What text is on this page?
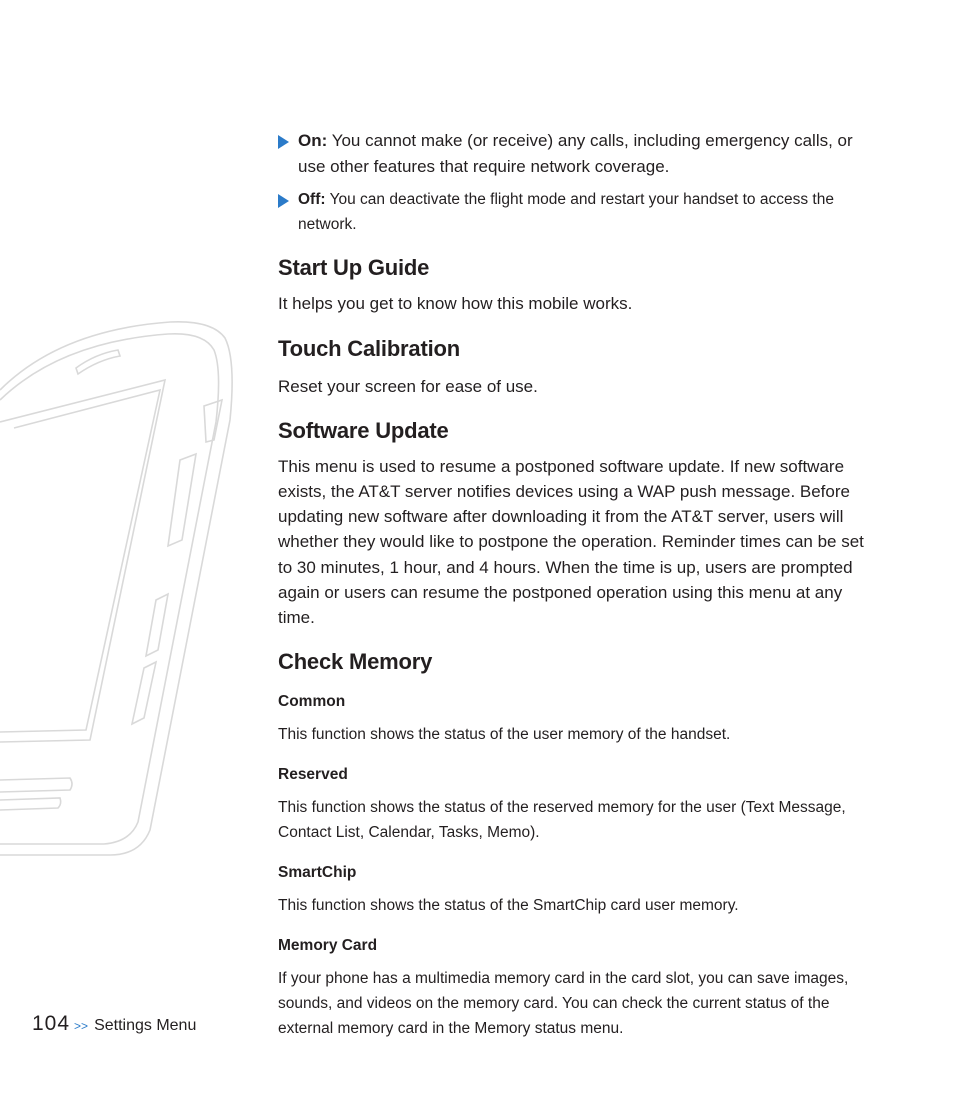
On: You cannot make (or receive) any calls, including emergency calls, or use other features that require network coverage.
Off: You can deactivate the flight mode and restart your handset to access the network.
Start Up Guide

It helps you get to know how this mobile works.

Touch Calibration

Reset your screen for ease of use.

Software Update

This menu is used to resume a postponed software update. If new software exists, the AT&T server notifies devices using a WAP push message. Before updating new software after downloading it from the AT&T server, users will whether they would like to postpone the operation. Reminder times can be set to 30 minutes, 1 hour, and 4 hours. When the time is up, users are prompted again or users can resume the postponed operation using this menu at any time.

Check Memory
Common

This function shows the status of the user memory of the handset.

Reserved

This function shows the status of the reserved memory for the user (Text Message, Contact List, Calendar, Tasks, Memo).

SmartChip

This function shows the status of the SmartChip card user memory.

Memory Card

If your phone has a multimedia memory card in the card slot, you can save images, sounds, and videos on the memory card. You can check the current status of the external memory card in the Memory status menu.

104 >> Settings Menu
